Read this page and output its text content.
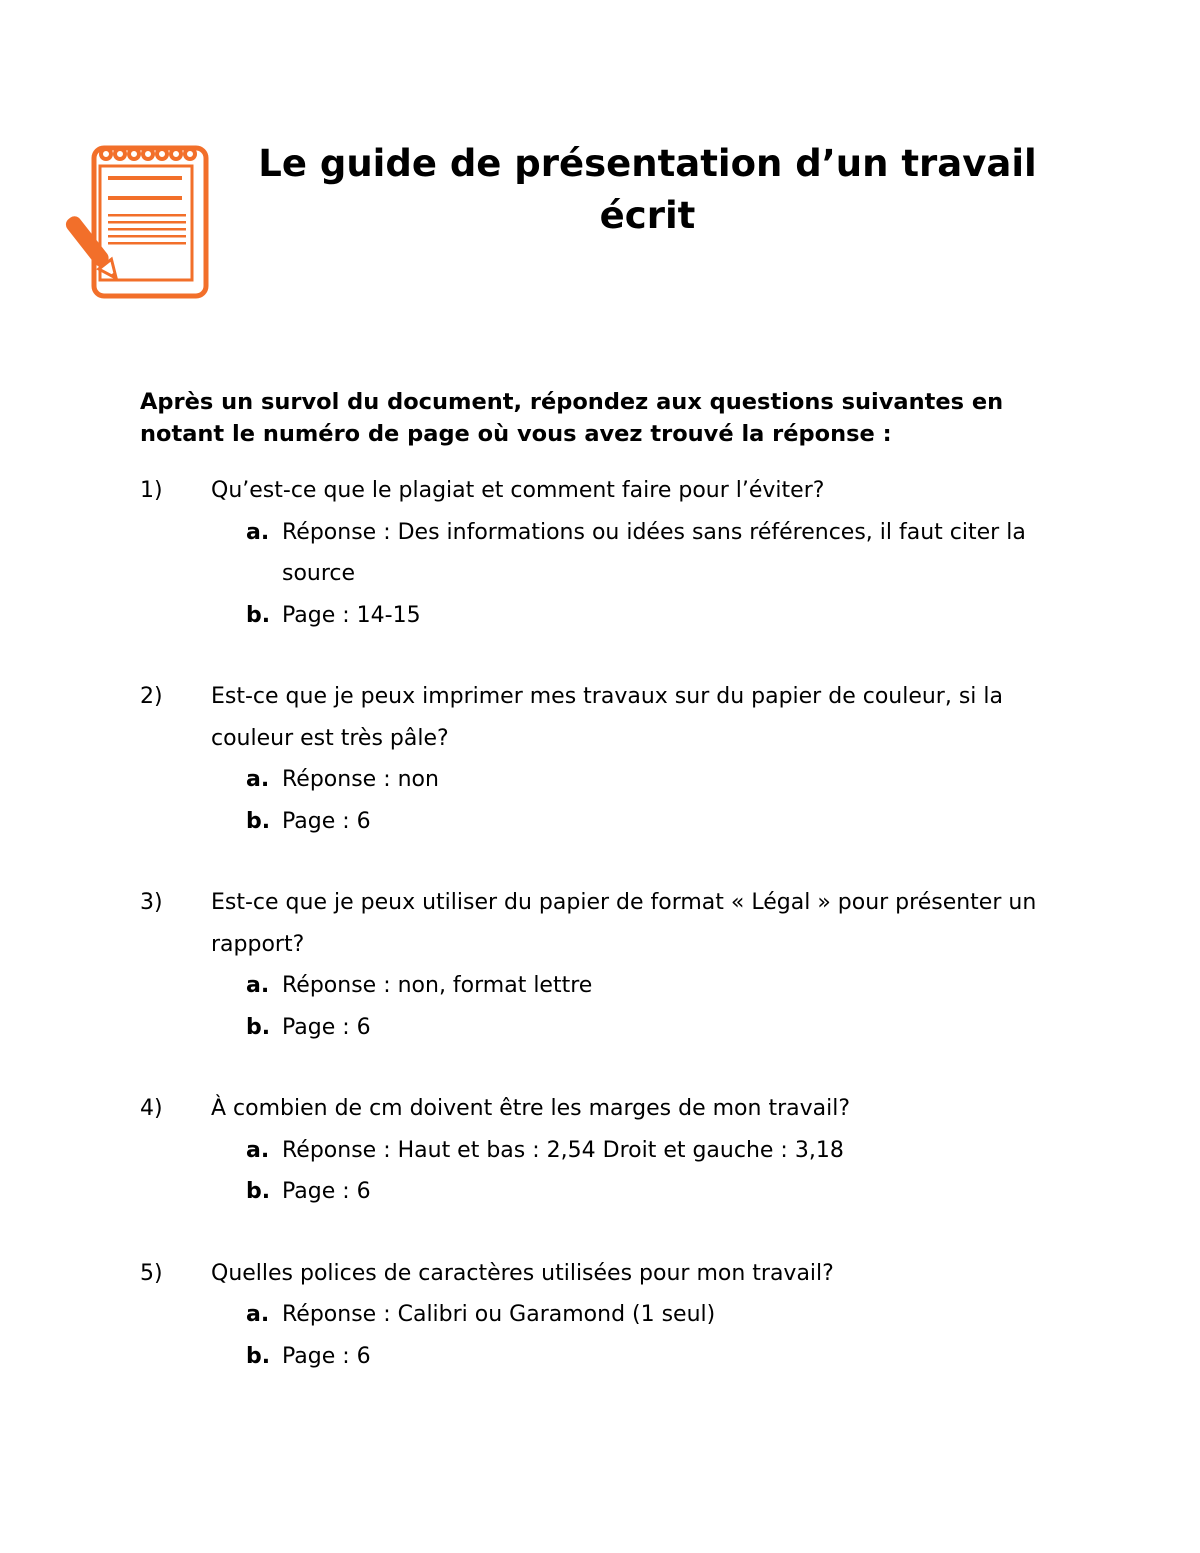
Le guide de présentation d’un travail écrit

Après un survol du document, répondez aux questions suivantes en notant le numéro de page où vous avez trouvé la réponse :

1) Qu’est-ce que le plagiat et comment faire pour l’éviter?
a. Réponse : Des informations ou idées sans références, il faut citer la source
b. Page : 14-15
2) Est-ce que je peux imprimer mes travaux sur du papier de couleur, si la couleur est très pâle?
a. Réponse : non
b. Page : 6
3) Est-ce que je peux utiliser du papier de format « Légal » pour présenter un rapport?
a. Réponse : non, format lettre
b. Page : 6
4) À combien de cm doivent être les marges de mon travail?
a. Réponse : Haut et bas : 2,54 Droit et gauche : 3,18
b. Page : 6
5) Quelles polices de caractères utilisées pour mon travail?
a. Réponse : Calibri ou Garamond (1 seul)
b. Page : 6
